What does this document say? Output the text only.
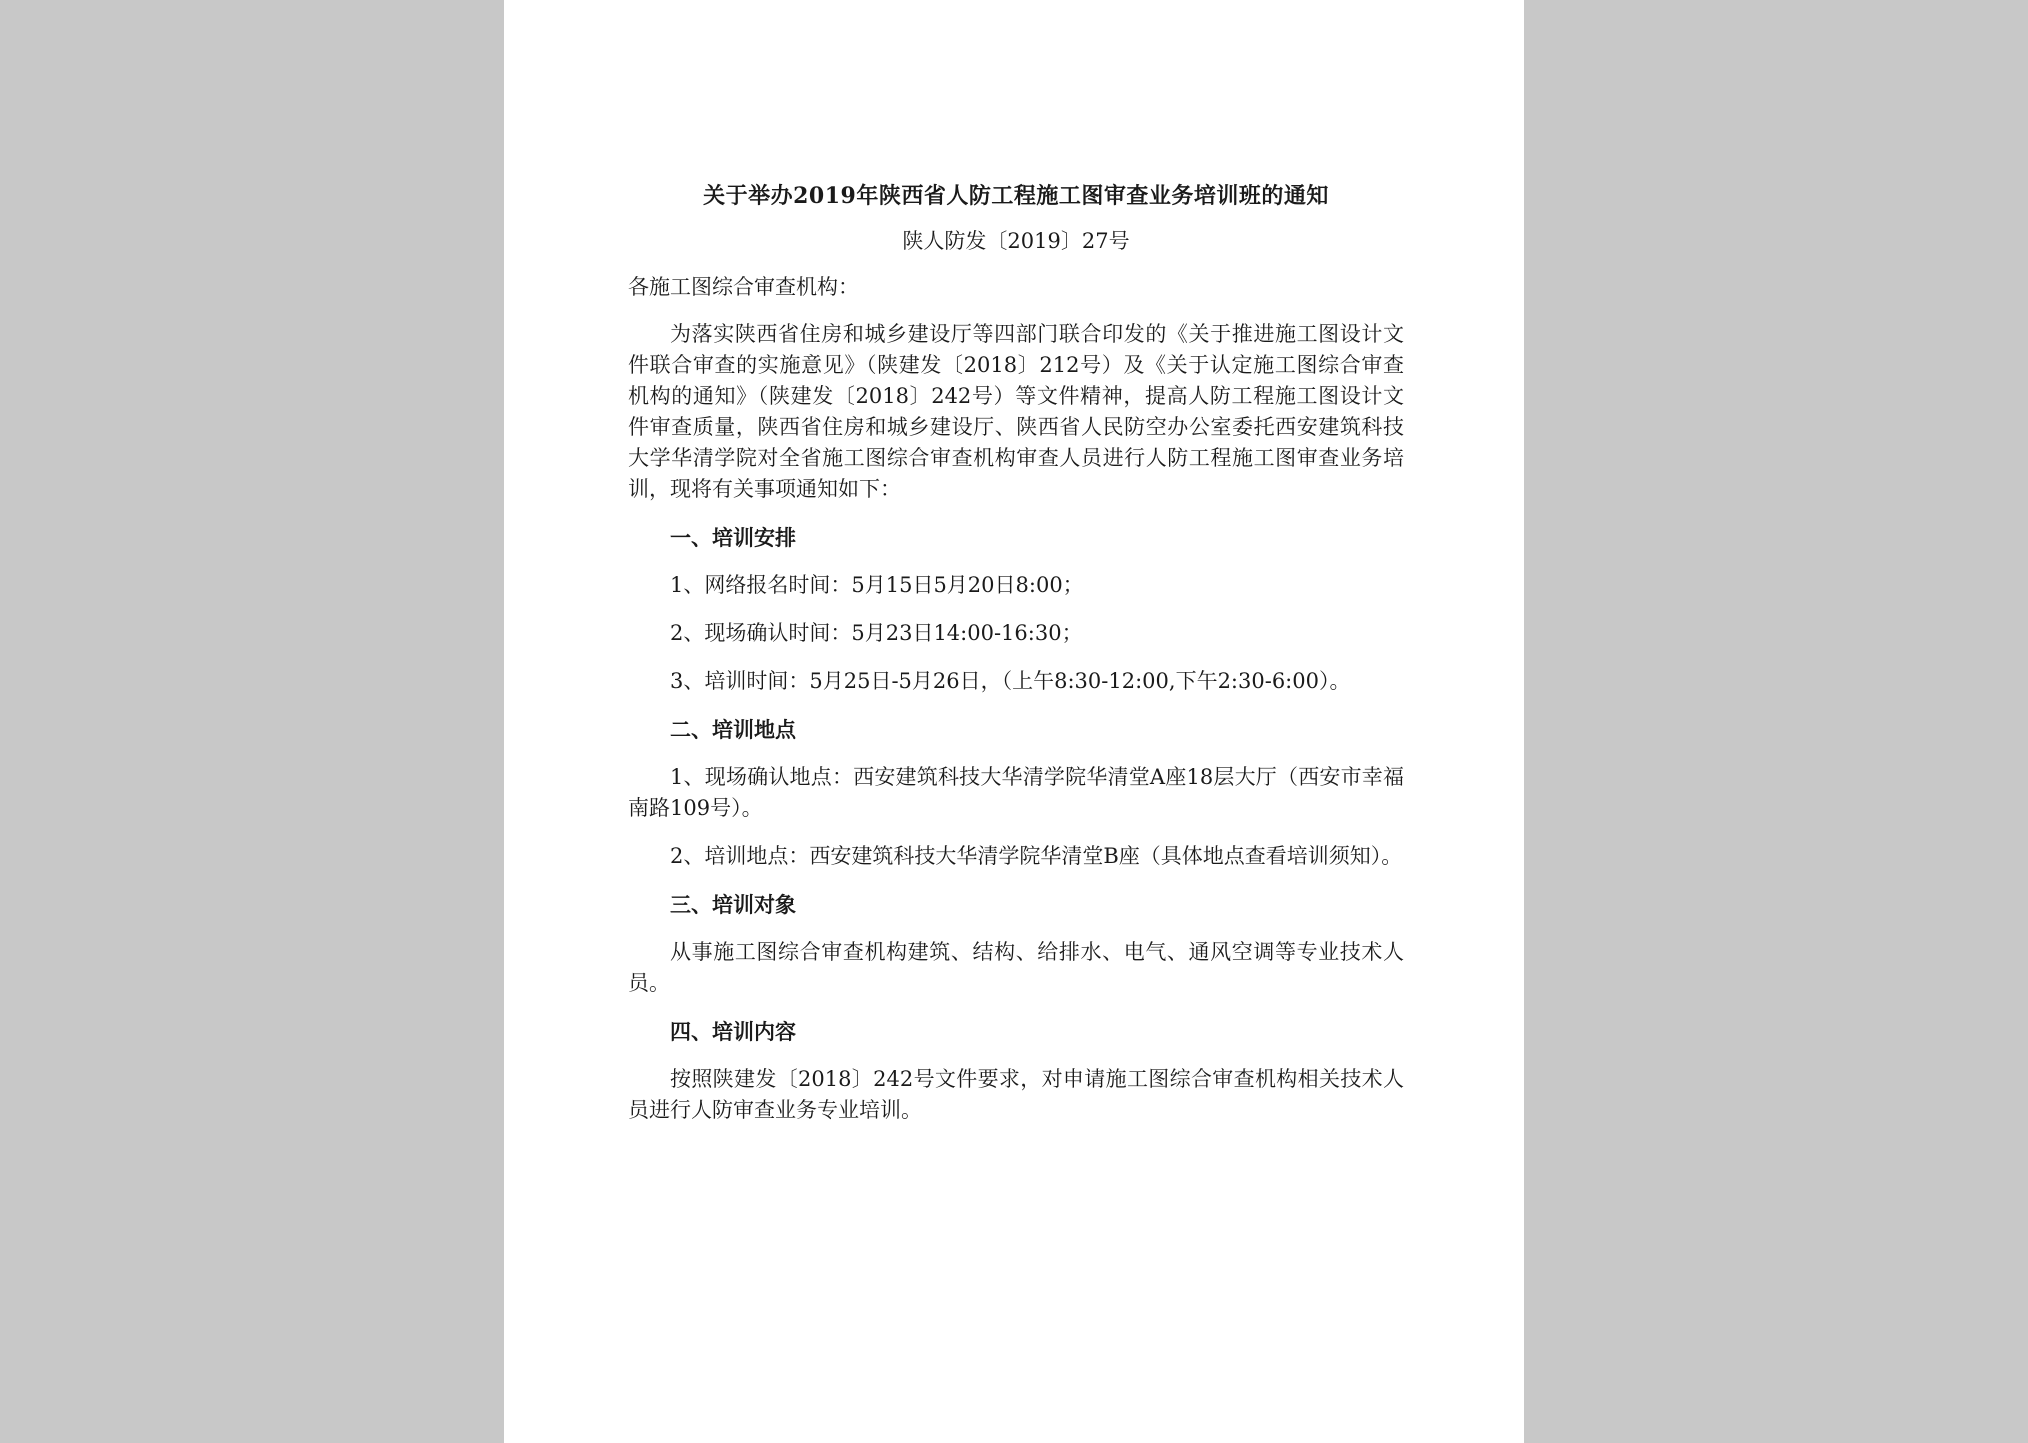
关于举办2019年陕西省人防工程施工图审查业务培训班的通知
陕人防发〔2019〕27号
各施工图综合审查机构：
为落实陕西省住房和城乡建设厅等四部门联合印发的《关于推进施工图设计文件联合审查的实施意见》（陕建发〔2018〕212号）及《关于认定施工图综合审查机构的通知》（陕建发〔2018〕242号）等文件精神，提高人防工程施工图设计文件审查质量，陕西省住房和城乡建设厅、陕西省人民防空办公室委托西安建筑科技大学华清学院对全省施工图综合审查机构审查人员进行人防工程施工图审查业务培训，现将有关事项通知如下：
一、培训安排
1、网络报名时间：5月15日5月20日8:00；
2、现场确认时间：5月23日14:00-16:30；
3、培训时间：5月25日-5月26日，（上午8:30-12:00,下午2:30-6:00）。
二、培训地点
1、现场确认地点：西安建筑科技大华清学院华清堂A座18层大厅（西安市幸福南路109号）。
2、培训地点：西安建筑科技大华清学院华清堂B座（具体地点查看培训须知）。
三、培训对象
从事施工图综合审查机构建筑、结构、给排水、电气、通风空调等专业技术人员。
四、培训内容
按照陕建发〔2018〕242号文件要求，对申请施工图综合审查机构相关技术人员进行人防审查业务专业培训。
